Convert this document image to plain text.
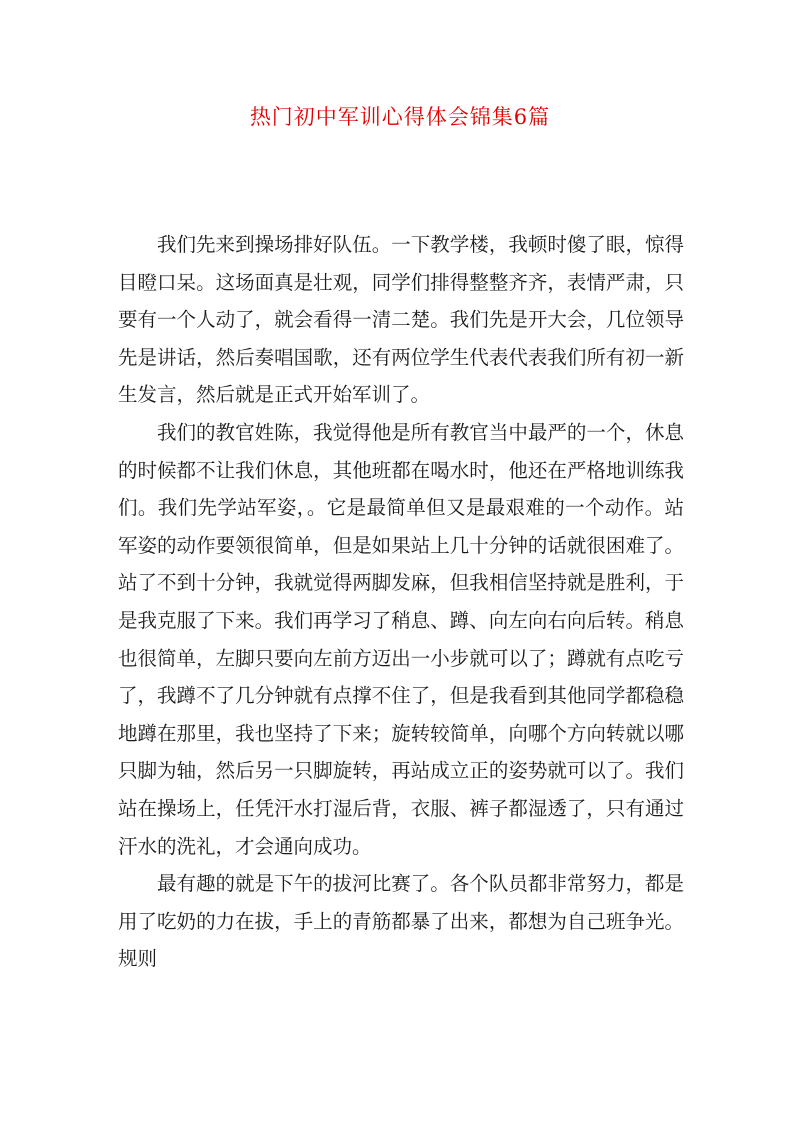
热门初中军训心得体会锦集6篇

我们先来到操场排好队伍。一下教学楼，我顿时傻了眼，惊得目瞪口呆。这场面真是壮观，同学们排得整整齐齐，表情严肃，只要有一个人动了，就会看得一清二楚。我们先是开大会，几位领导先是讲话，然后奏唱国歌，还有两位学生代表代表我们所有初一新生发言，然后就是正式开始军训了。

我们的教官姓陈，我觉得他是所有教官当中最严的一个，休息的时候都不让我们休息，其他班都在喝水时，他还在严格地训练我们。我们先学站军姿，。它是最简单但又是最艰难的一个动作。站军姿的动作要领很简单，但是如果站上几十分钟的话就很困难了。站了不到十分钟，我就觉得两脚发麻，但我相信坚持就是胜利，于是我克服了下来。我们再学习了稍息、蹲、向左向右向后转。稍息也很简单，左脚只要向左前方迈出一小步就可以了；蹲就有点吃亏了，我蹲不了几分钟就有点撑不住了，但是我看到其他同学都稳稳地蹲在那里，我也坚持了下来；旋转较简单，向哪个方向转就以哪只脚为轴，然后另一只脚旋转，再站成立正的姿势就可以了。我们站在操场上，任凭汗水打湿后背，衣服、裤子都湿透了，只有通过汗水的洗礼，才会通向成功。

最有趣的就是下午的拔河比赛了。各个队员都非常努力，都是用了吃奶的力在拔，手上的青筋都暴了出来，都想为自己班争光。规则
